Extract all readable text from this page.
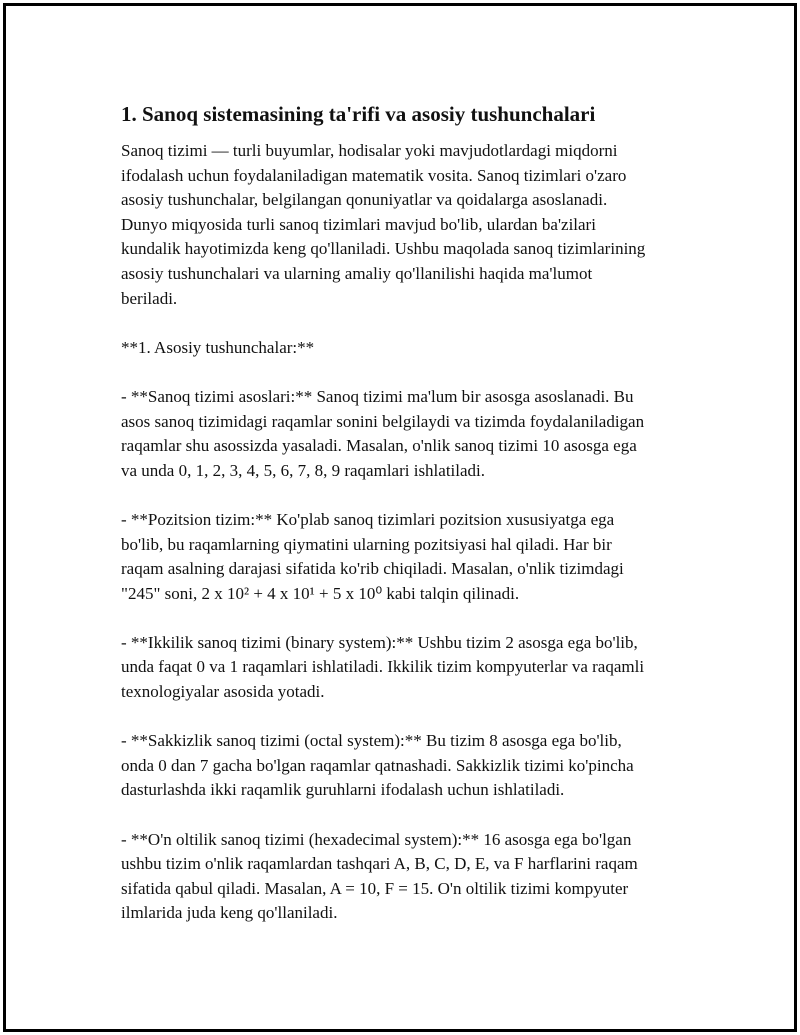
1. Sanoq sistemasining ta'rifi va asosiy tushunchalari
Sanoq tizimi — turli buyumlar, hodisalar yoki mavjudotlardagi miqdorni
ifodalash uchun foydalaniladigan matematik vosita. Sanoq tizimlari o'zaro
asosiy tushunchalar, belgilangan qonuniyatlar va qoidalarga asoslanadi.
Dunyo miqyosida turli sanoq tizimlari mavjud bo'lib, ulardan ba'zilari
kundalik hayotimizda keng qo'llaniladi. Ushbu maqolada sanoq tizimlarining
asosiy tushunchalari va ularning amaliy qo'llanilishi haqida ma'lumot
beriladi.
**1. Asosiy tushunchalar:**
- **Sanoq tizimi asoslari:** Sanoq tizimi ma'lum bir asosga asoslanadi. Bu
asos sanoq tizimidagi raqamlar sonini belgilaydi va tizimda foydalaniladigan
raqamlar shu asossizda yasaladi. Masalan, o'nlik sanoq tizimi 10 asosga ega
va unda 0, 1, 2, 3, 4, 5, 6, 7, 8, 9 raqamlari ishlatiladi.
- **Pozitsion tizim:** Ko'plab sanoq tizimlari pozitsion xususiyatga ega
bo'lib, bu raqamlarning qiymatini ularning pozitsiyasi hal qiladi. Har bir
raqam asalning darajasi sifatida ko'rib chiqiladi. Masalan, o'nlik tizimdagi
"245" soni, 2 x 10² + 4 x 10¹ + 5 x 10⁰ kabi talqin qilinadi.
- **Ikkilik sanoq tizimi (binary system):** Ushbu tizim 2 asosga ega bo'lib,
unda faqat 0 va 1 raqamlari ishlatiladi. Ikkilik tizim kompyuterlar va raqamli
texnologiyalar asosida yotadi.
- **Sakkizlik sanoq tizimi (octal system):** Bu tizim 8 asosga ega bo'lib,
onda 0 dan 7 gacha bo'lgan raqamlar qatnashadi. Sakkizlik tizimi ko'pincha
dasturlashda ikki raqamlik guruhlarni ifodalash uchun ishlatiladi.
- **O'n oltilik sanoq tizimi (hexadecimal system):** 16 asosga ega bo'lgan
ushbu tizim o'nlik raqamlardan tashqari A, B, C, D, E, va F harflarini raqam
sifatida qabul qiladi. Masalan, A = 10, F = 15. O'n oltilik tizimi kompyuter
ilmlarida juda keng qo'llaniladi.
